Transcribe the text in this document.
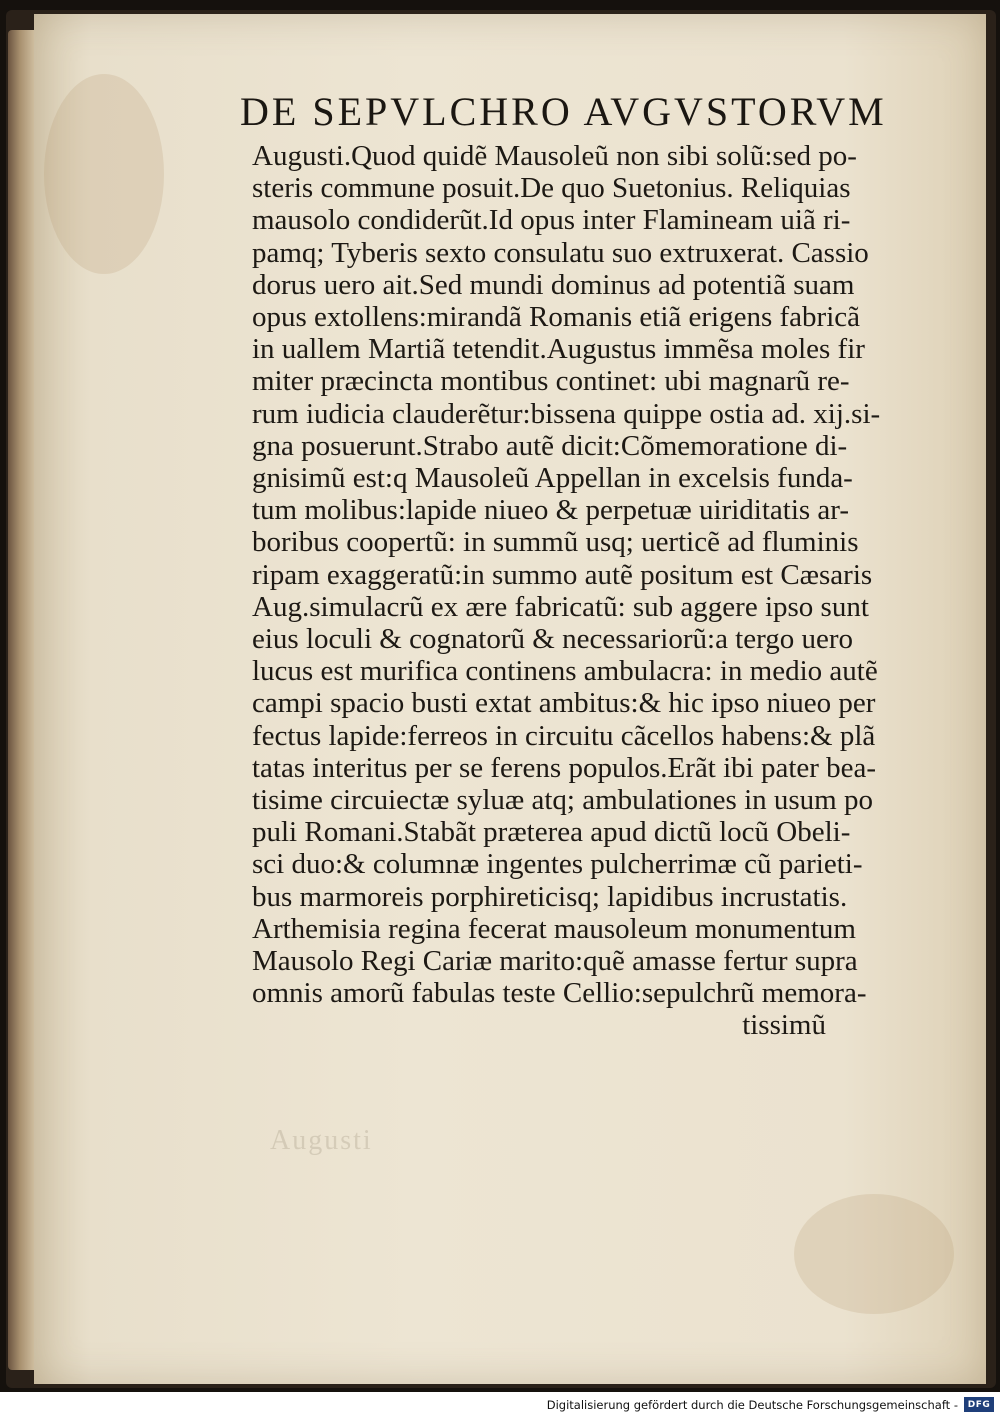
DE SEPVLCHRO AVGVSTORVM
Augusti.Quod quidẽ Mausoleũ non sibi solũ:sed po-
steris commune posuit.De quo Suetonius. Reliquias
mausolo condiderũt.Id opus inter Flamineam uiã ri-
pamq; Tyberis sexto consulatu suo extruxerat. Cassio
dorus uero ait.Sed mundi dominus ad potentiã suam
opus extollens:mirandã Romanis etiã erigens fabricã
in uallem Martiã tetendit.Augustus immẽsa moles fir
miter præcincta montibus continet: ubi magnarũ re-
rum iudicia clauderẽtur:bissena quippe ostia ad. xij.si-
gna posuerunt.Strabo autẽ dicit:Cõmemoratione di-
gnisimũ est:q Mausoleũ Appellan in excelsis funda-
tum molibus:lapide niueo & perpetuæ uiriditatis ar-
boribus coopertũ: in summũ usq; uerticẽ ad fluminis
ripam exaggeratũ:in summo autẽ positum est Cæsaris
Aug.simulacrũ ex ære fabricatũ: sub aggere ipso sunt
eius loculi & cognatorũ & necessariorũ:a tergo uero
lucus est murifica continens ambulacra: in medio autẽ
campi spacio busti extat ambitus:& hic ipso niueo per
fectus lapide:ferreos in circuitu cãcellos habens:& plã
tatas interitus per se ferens populos.Erãt ibi pater bea-
tisime circuiectæ syluæ atq; ambulationes in usum po
puli Romani.Stabãt præterea apud dictũ locũ Obeli-
sci duo:& columnæ ingentes pulcherrimæ cũ parieti-
bus marmoreis porphireticisq; lapidibus incrustatis.
Arthemisia regina fecerat mausoleum monumentum
Mausolo Regi Cariæ marito:quẽ amasse fertur supra
omnis amorũ fabulas teste Cellio:sepulchrũ memora-
tissimũ
Augusti
Digitalisierung gefördert durch die Deutsche Forschungsgemeinschaft -	DFG
